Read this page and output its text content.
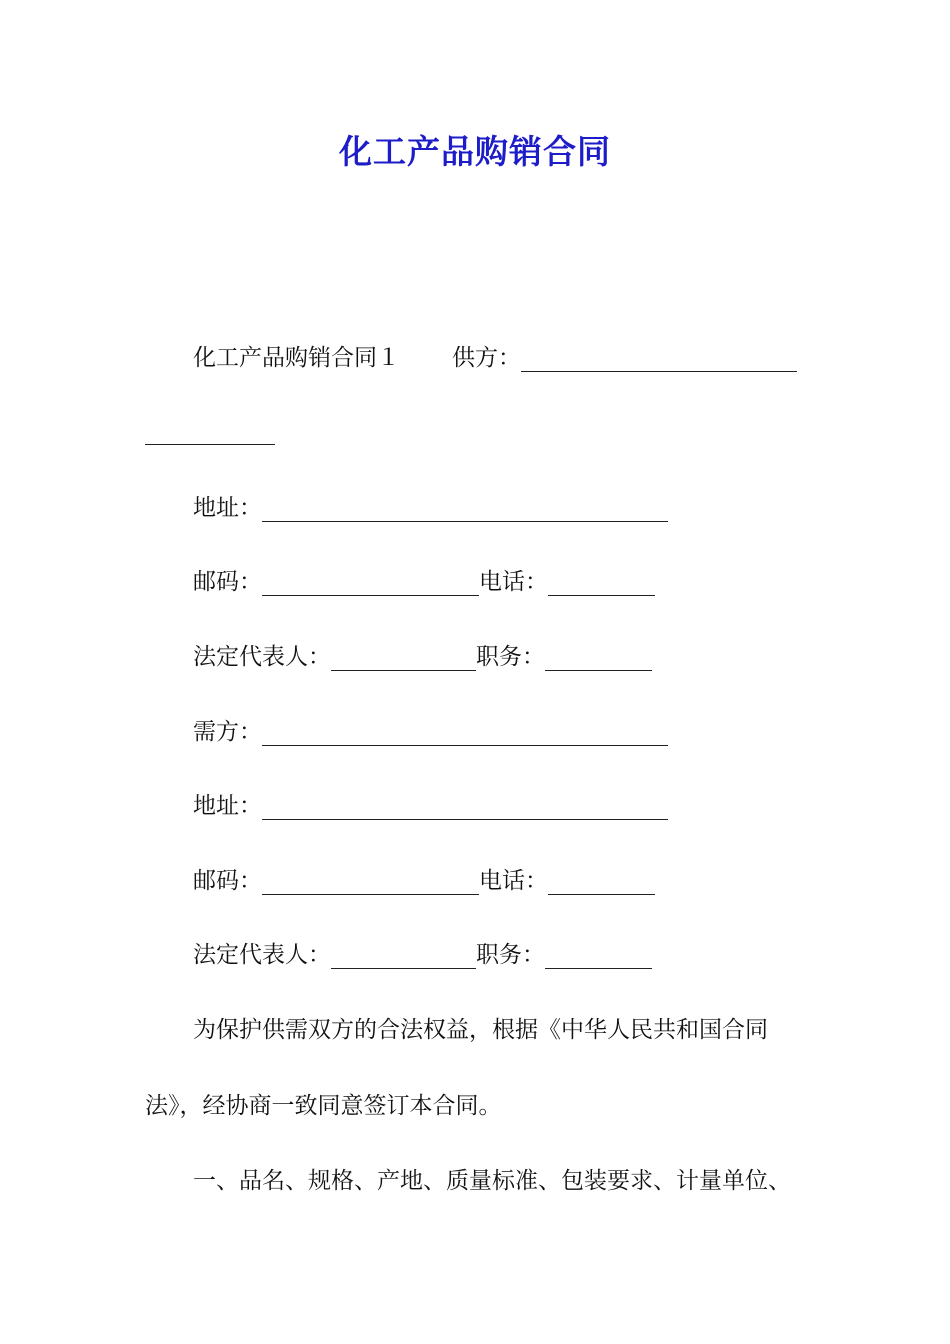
化工产品购销合同
化工产品购销合同１ 供方：
地址：
邮码：	电话：
法定代表人：	职务：
需方：
地址：
邮码：	电话：
法定代表人：	职务：
为保护供需双方的合法权益，根据《中华人民共和国合同
法》，经协商一致同意签订本合同。
一、品名、规格、产地、质量标准、包装要求、计量单位、
